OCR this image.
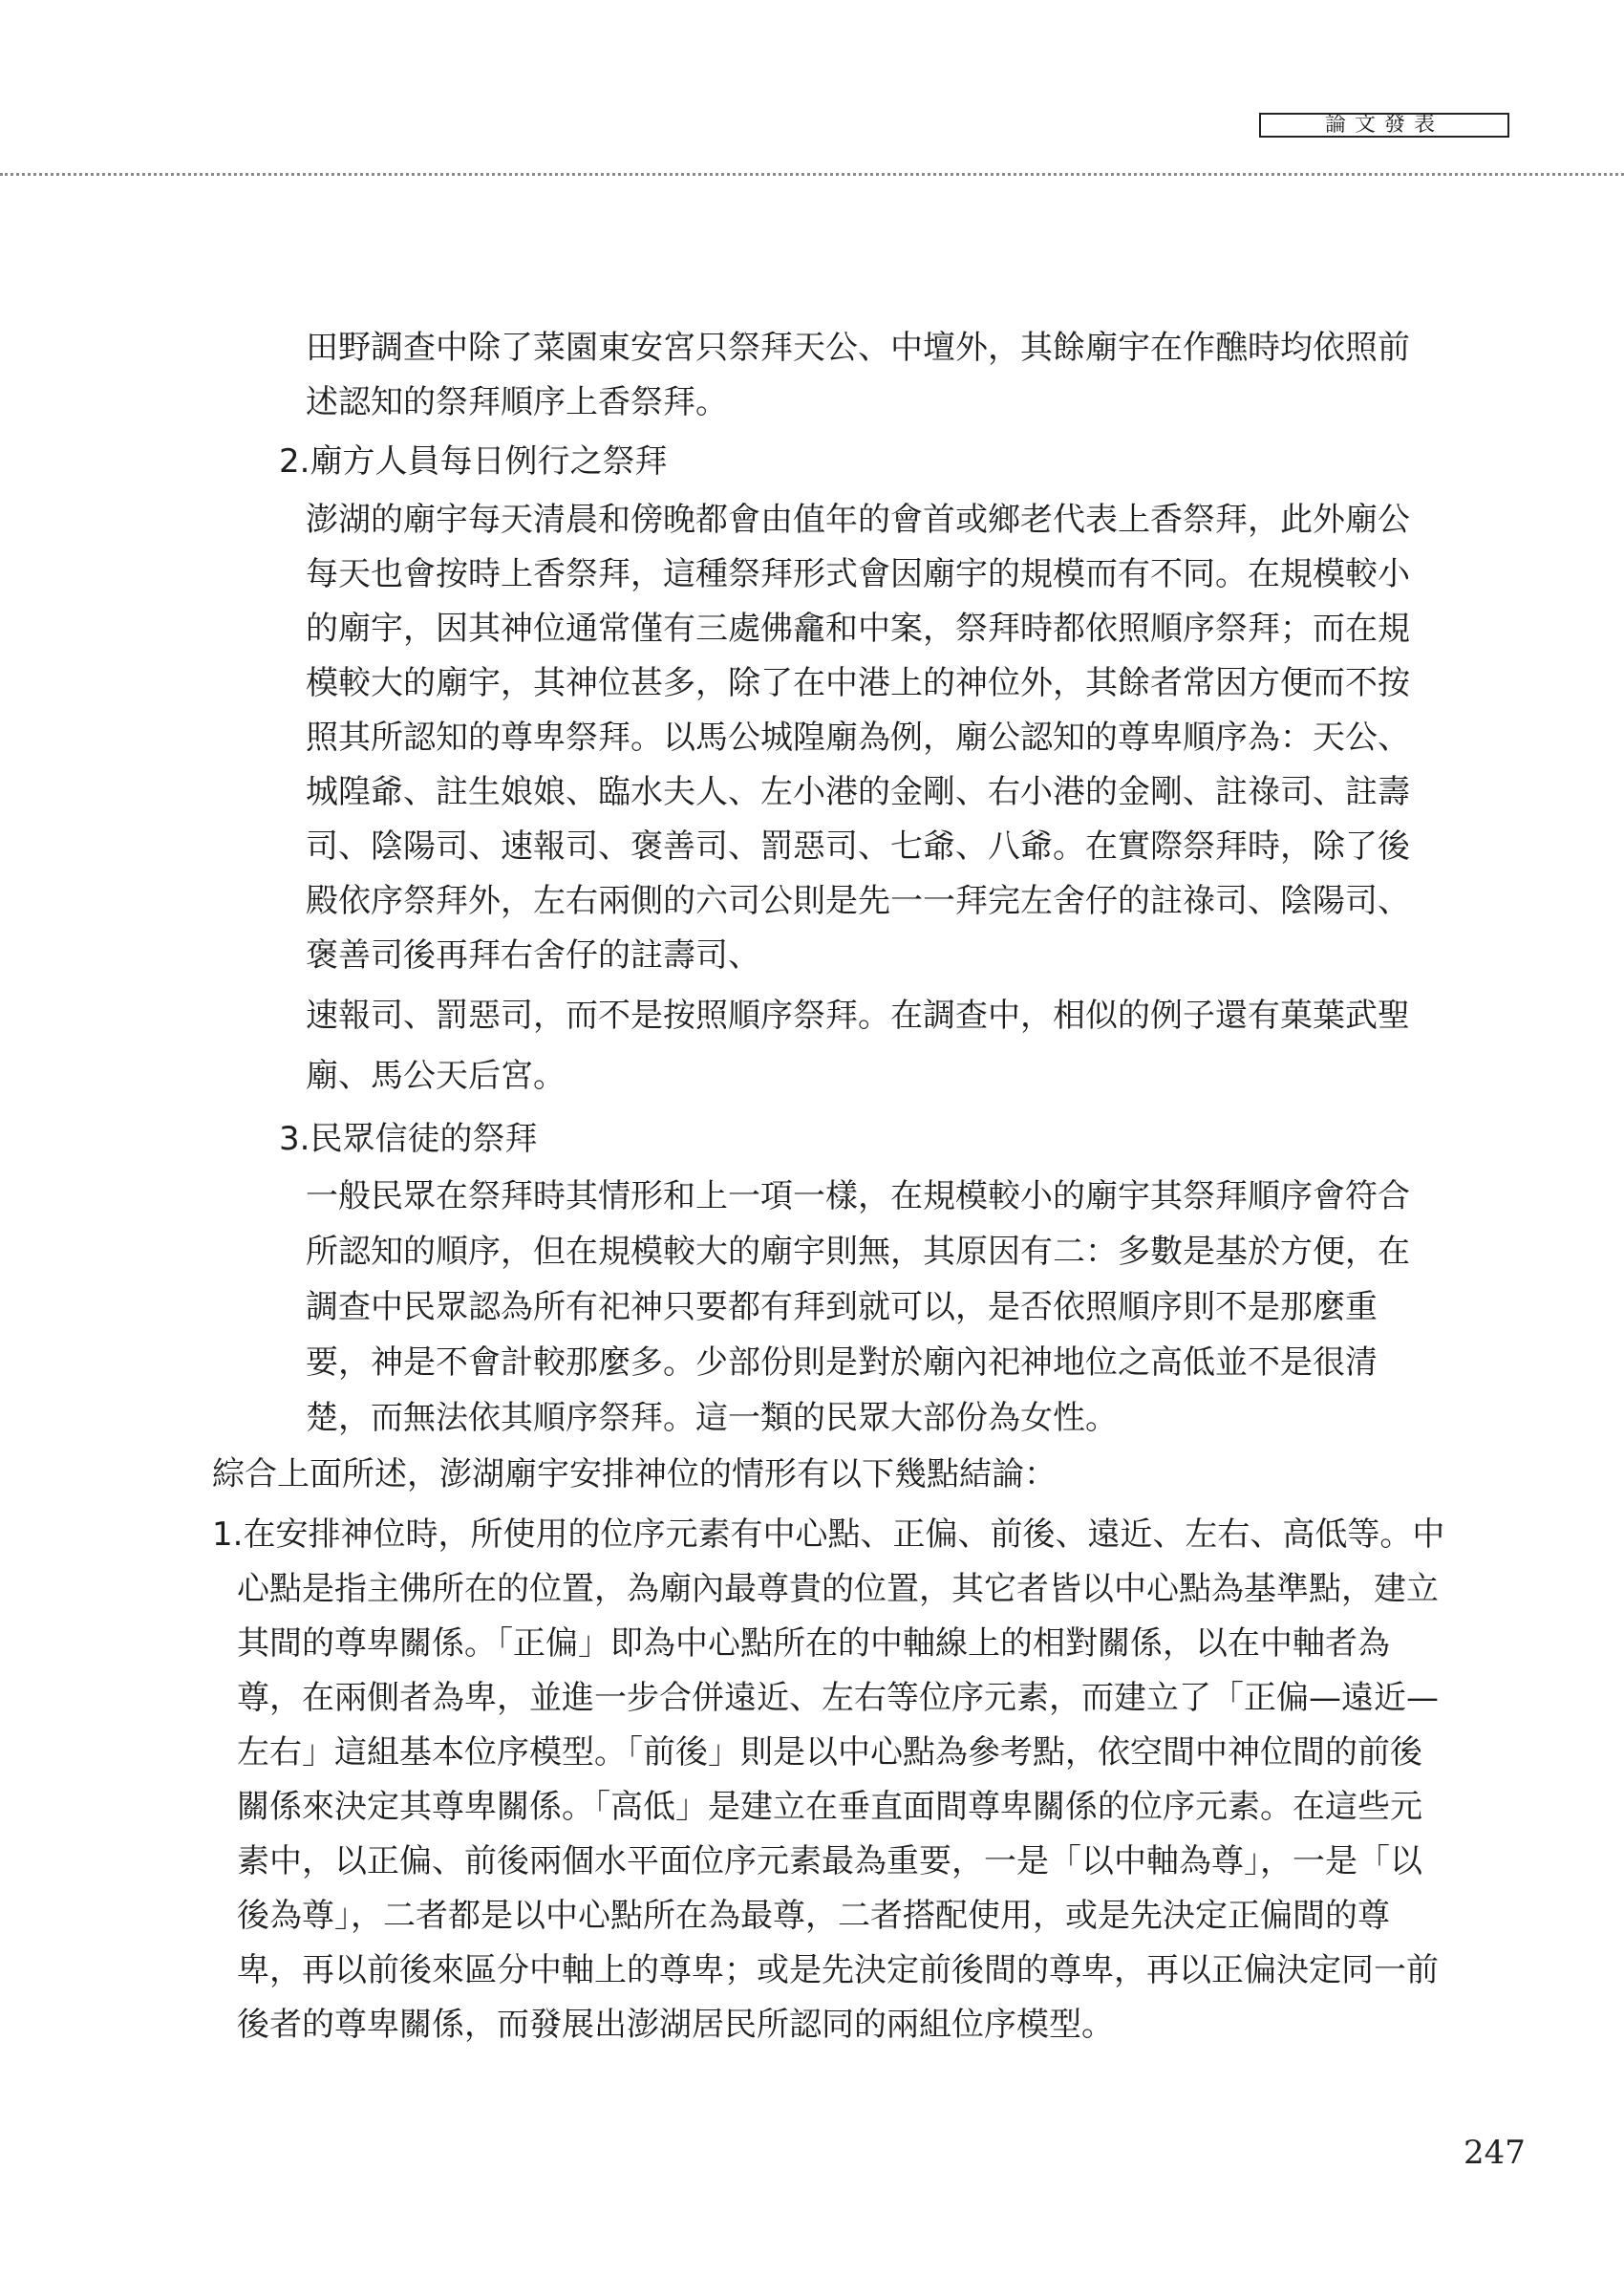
論文發表
田野調查中除了菜園東安宮只祭拜天公、中壇外，其餘廟宇在作醮時均依照前
述認知的祭拜順序上香祭拜。
2.廟方人員每日例行之祭拜
澎湖的廟宇每天清晨和傍晚都會由值年的會首或鄉老代表上香祭拜，此外廟公
每天也會按時上香祭拜，這種祭拜形式會因廟宇的規模而有不同。在規模較小
的廟宇，因其神位通常僅有三處佛龕和中案，祭拜時都依照順序祭拜；而在規
模較大的廟宇，其神位甚多，除了在中港上的神位外，其餘者常因方便而不按
照其所認知的尊卑祭拜。以馬公城隍廟為例，廟公認知的尊卑順序為：天公、
城隍爺、註生娘娘、臨水夫人、左小港的金剛、右小港的金剛、註祿司、註壽
司、陰陽司、速報司、褒善司、罰惡司、七爺、八爺。在實際祭拜時，除了後
殿依序祭拜外，左右兩側的六司公則是先一一拜完左舍仔的註祿司、陰陽司、
褒善司後再拜右舍仔的註壽司、
速報司、罰惡司，而不是按照順序祭拜。在調查中，相似的例子還有菓葉武聖
廟、馬公天后宮。
3.民眾信徒的祭拜
一般民眾在祭拜時其情形和上一項一樣，在規模較小的廟宇其祭拜順序會符合
所認知的順序，但在規模較大的廟宇則無，其原因有二：多數是基於方便，在
調查中民眾認為所有祀神只要都有拜到就可以，是否依照順序則不是那麼重
要，神是不會計較那麼多。少部份則是對於廟內祀神地位之高低並不是很清
楚，而無法依其順序祭拜。這一類的民眾大部份為女性。
綜合上面所述，澎湖廟宇安排神位的情形有以下幾點結論：
1.在安排神位時，所使用的位序元素有中心點、正偏、前後、遠近、左右、高低等。中
心點是指主佛所在的位置，為廟內最尊貴的位置，其它者皆以中心點為基準點，建立
其間的尊卑關係。「正偏」即為中心點所在的中軸線上的相對關係，以在中軸者為
尊，在兩側者為卑，並進一步合併遠近、左右等位序元素，而建立了「正偏—遠近—
左右」這組基本位序模型。「前後」則是以中心點為參考點，依空間中神位間的前後
關係來決定其尊卑關係。「高低」是建立在垂直面間尊卑關係的位序元素。在這些元
素中，以正偏、前後兩個水平面位序元素最為重要，一是「以中軸為尊」，一是「以
後為尊」，二者都是以中心點所在為最尊，二者搭配使用，或是先決定正偏間的尊
卑，再以前後來區分中軸上的尊卑；或是先決定前後間的尊卑，再以正偏決定同一前
後者的尊卑關係，而發展出澎湖居民所認同的兩組位序模型。
247
